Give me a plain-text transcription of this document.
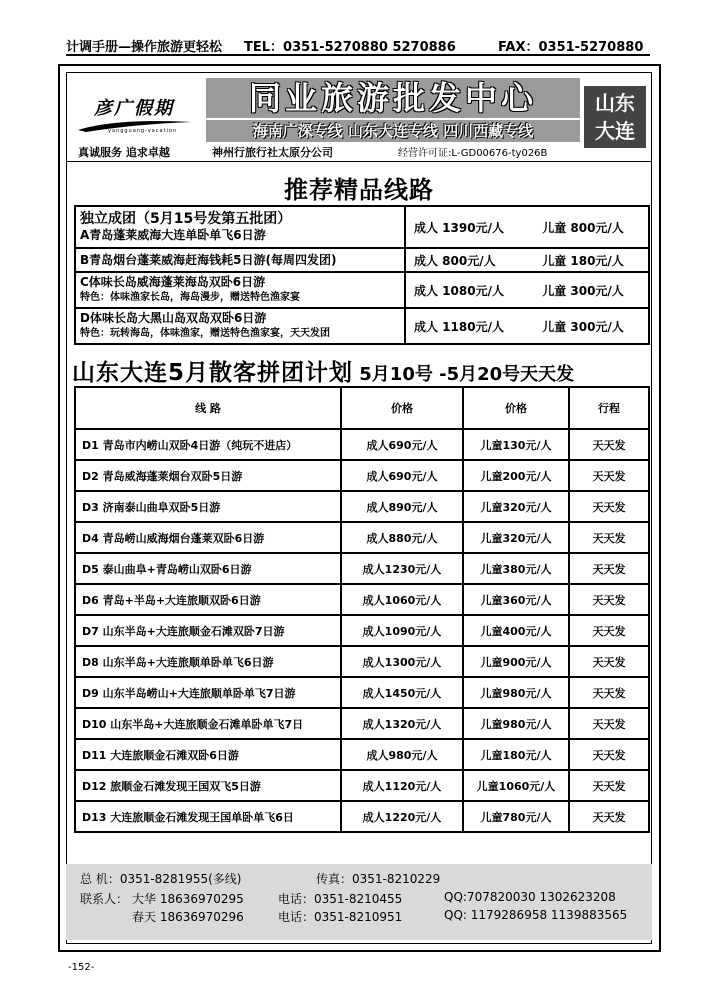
计调手册—操作旅游更轻松 TEL：0351-5270880 5270886	FAX：0351-5270880
彦广假期
yangguang-vacation
真诚服务 追求卓越
同业旅游批发中心
海南广深专线 山东大连专线 四川西藏专线
神州行旅行社太原分公司	经营许可证:L-GD00676-ty026B
山东
大连
推荐精品线路
独立成团（5月15号发第五批团）
A青岛蓬莱威海大连单卧单飞6日游	成人 1390元/人 儿童 800元/人

B青岛烟台蓬莱威海赶海钱耗5日游(每周四发团)	成人 800元/人 儿童 180元/人

C体味长岛威海蓬莱海岛双卧6日游
特色：体味渔家长岛，海岛漫步，赠送特色渔家宴	成人 1080元/人 儿童 300元/人

D体味长岛大黑山岛双岛双卧6日游
特色：玩转海岛，体味渔家，赠送特色渔家宴，天天发团	成人 1180元/人 儿童 300元/人
山东大连5月散客拼团计划 5月10号 -5月20号天天发
线 路	价格	价格	行程
D1 青岛市内崂山双卧4日游（纯玩不进店）	成人690元/人	儿童130元/人	天天发
D2 青岛威海蓬莱烟台双卧5日游	成人690元/人	儿童200元/人	天天发
D3 济南泰山曲阜双卧5日游	成人890元/人	儿童320元/人	天天发
D4 青岛崂山威海烟台蓬莱双卧6日游	成人880元/人	儿童320元/人	天天发
D5 泰山曲阜+青岛崂山双卧6日游	成人1230元/人	儿童380元/人	天天发
D6 青岛+半岛+大连旅顺双卧6日游	成人1060元/人	儿童360元/人	天天发
D7 山东半岛+大连旅顺金石滩双卧7日游	成人1090元/人	儿童400元/人	天天发
D8 山东半岛+大连旅顺单卧单飞6日游	成人1300元/人	儿童900元/人	天天发
D9 山东半岛崂山+大连旅顺单卧单飞7日游	成人1450元/人	儿童980元/人	天天发
D10 山东半岛+大连旅顺金石滩单卧单飞7日	成人1320元/人	儿童980元/人	天天发
D11 大连旅顺金石滩双卧6日游	成人980元/人	儿童180元/人	天天发
D12 旅顺金石滩发现王国双飞5日游	成人1120元/人	儿童1060元/人	天天发
D13 大连旅顺金石滩发现王国单卧单飞6日	成人1220元/人	儿童780元/人	天天发
总 机：0351-8281955(多线)	传真：0351-8210229
联系人： 大华 18636970295	电话：0351-8210455	QQ:707820030 1302623208
春天 18636970296	电话：0351-8210951	QQ: 1179286958 1139883565
-152-
